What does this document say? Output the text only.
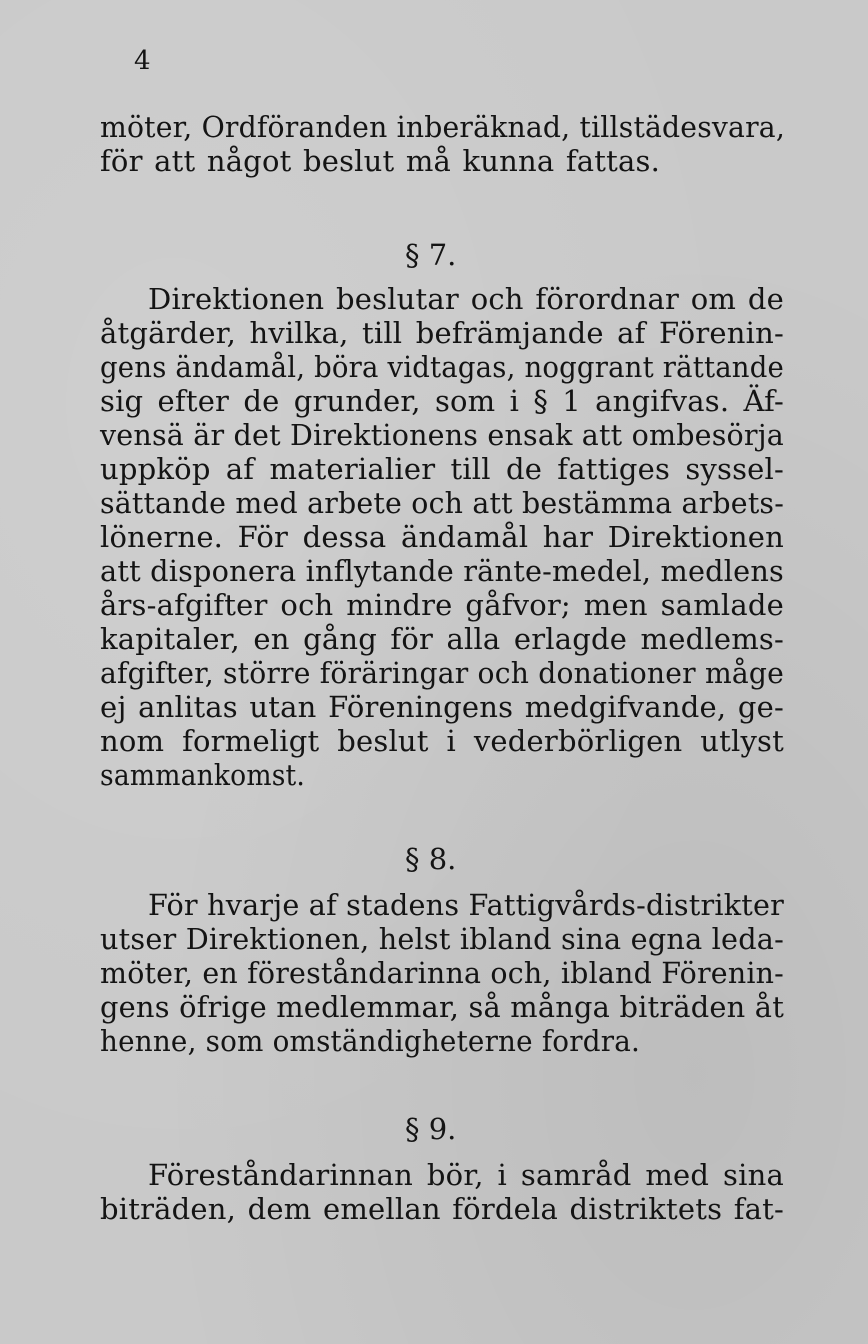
4
möter, Ordföranden inberäknad, tillstädesvara,
för att något beslut må kunna fattas.
§ 7.
Direktionen beslutar och förordnar om de
åtgärder, hvilka, till befrämjande af Förenin-
gens ändamål, böra vidtagas, noggrant rättande
sig efter de grunder, som i § 1 angifvas. Äf-
vensä är det Direktionens ensak att ombesörja
uppköp af materialier till de fattiges syssel-
sättande med arbete och att bestämma arbets-
lönerne. För dessa ändamål har Direktionen
att disponera inflytande ränte-medel, medlens
års-afgifter och mindre gåfvor; men samlade
kapitaler, en gång för alla erlagde medlems-
afgifter, större föräringar och donationer måge
ej anlitas utan Föreningens medgifvande, ge-
nom formeligt beslut i vederbörligen utlyst
sammankomst.
§ 8.
För hvarje af stadens Fattigvårds-distrikter
utser Direktionen, helst ibland sina egna leda-
möter, en föreståndarinna och, ibland Förenin-
gens öfrige medlemmar, så många biträden åt
henne, som omständigheterne fordra.
§ 9.
Föreståndarinnan bör, i samråd med sina
biträden, dem emellan fördela distriktets fat-
